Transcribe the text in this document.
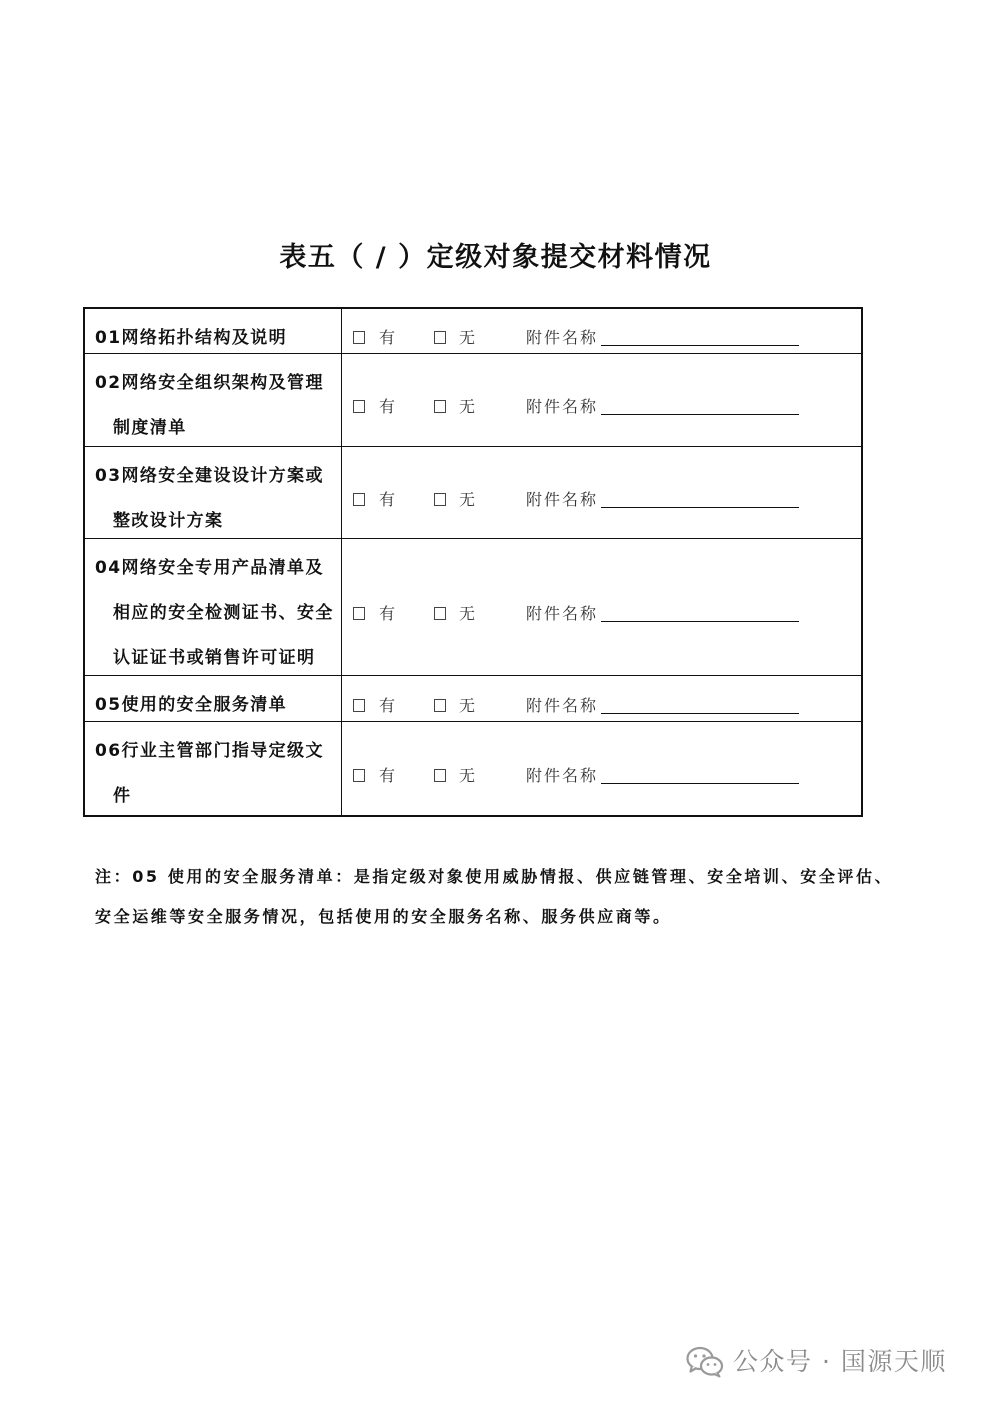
表五（ / ）定级对象提交材料情况
01网络拓扑结构及说明	有	无	附件名称
02网络安全组织架构及管理
制度清单
有	无	附件名称
03网络安全建设设计方案或
整改设计方案
有	无	附件名称
04网络安全专用产品清单及
相应的安全检测证书、安全
认证证书或销售许可证明
有	无	附件名称
05使用的安全服务清单	有	无	附件名称
06行业主管部门指导定级文
件
有	无	附件名称
注：05 使用的安全服务清单：是指定级对象使用威胁情报、供应链管理、安全培训、安全评估、
安全运维等安全服务情况，包括使用的安全服务名称、服务供应商等。
公众号 · 国源天顺
